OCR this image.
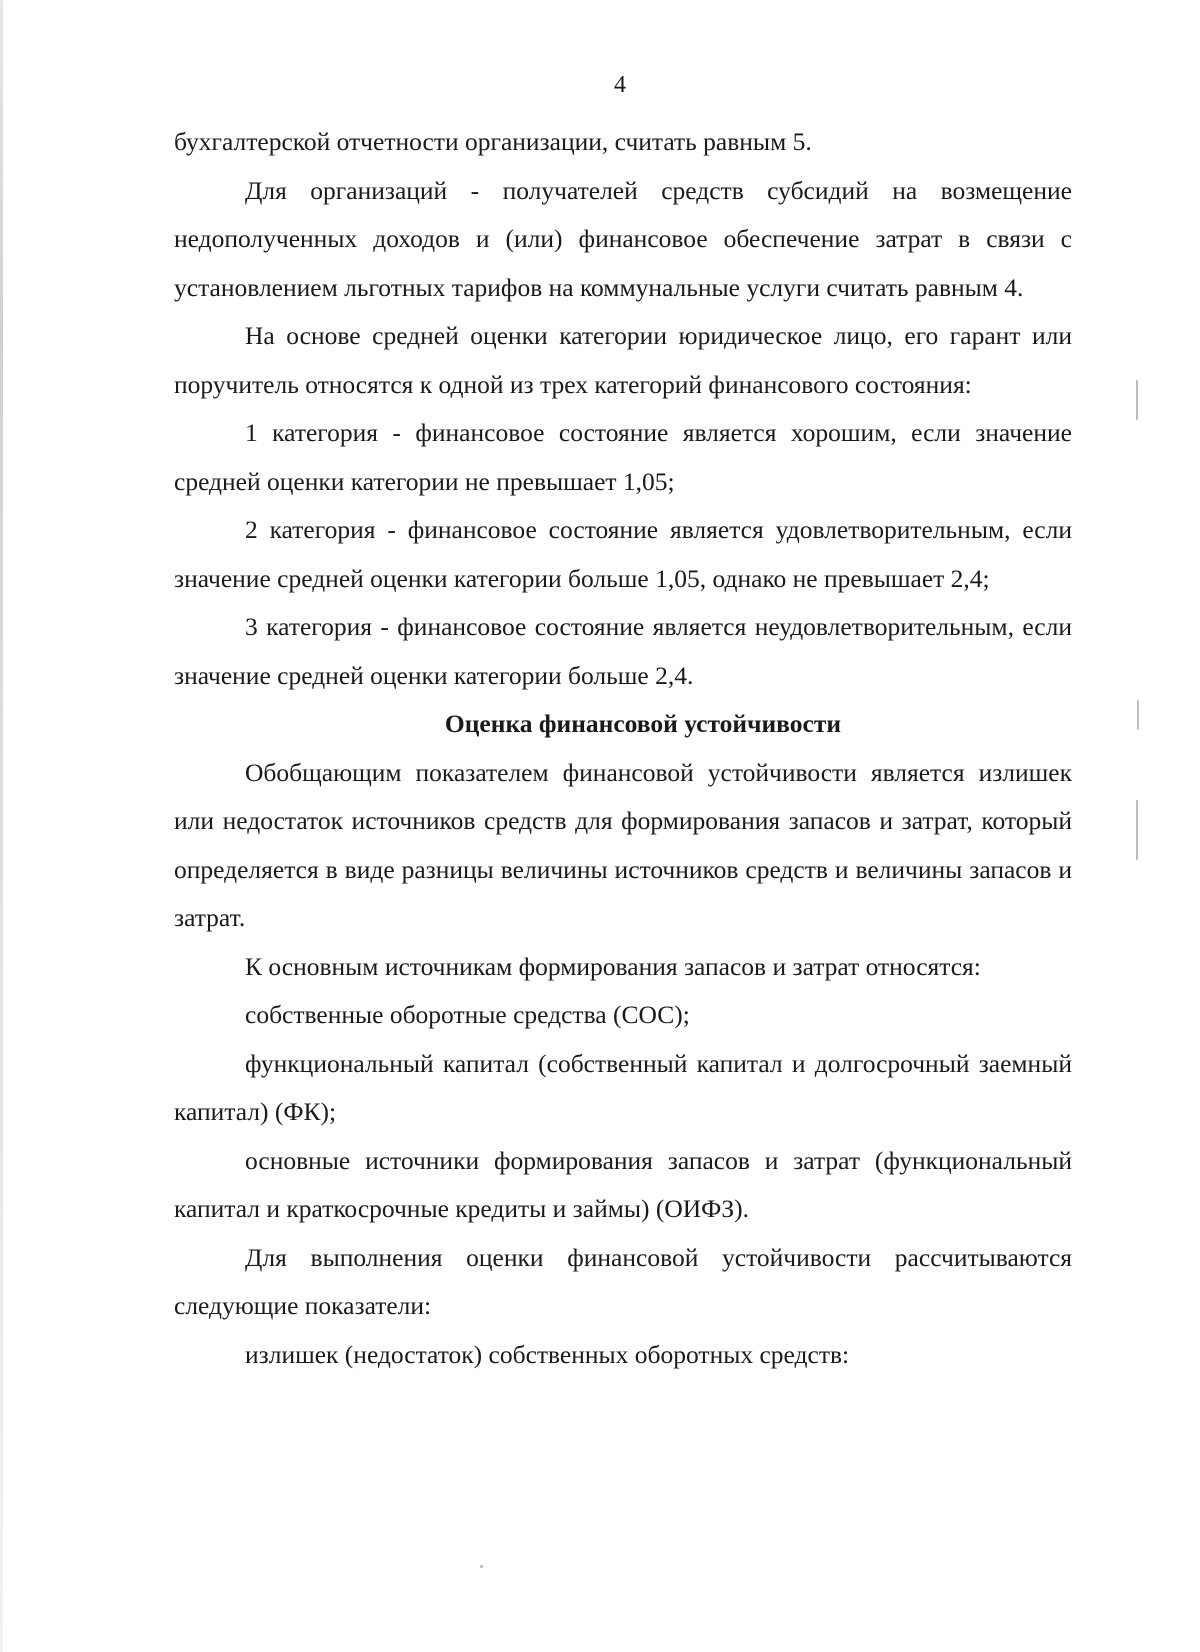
4

бухгалтерской отчетности организации, считать равным 5.

Для организаций - получателей средств субсидий на возмещение недополученных доходов и (или) финансовое обеспечение затрат в связи с установлением льготных тарифов на коммунальные услуги считать равным 4.

На основе средней оценки категории юридическое лицо, его гарант или поручитель относятся к одной из трех категорий финансового состояния:

1 категория - финансовое состояние является хорошим, если значение средней оценки категории не превышает 1,05;

2 категория - финансовое состояние является удовлетворительным, если значение средней оценки категории больше 1,05, однако не превышает 2,4;

3 категория - финансовое состояние является неудовлетворительным, если значение средней оценки категории больше 2,4.

Оценка финансовой устойчивости

Обобщающим показателем финансовой устойчивости является излишек или недостаток источников средств для формирования запасов и затрат, который определяется в виде разницы величины источников средств и величины запасов и затрат.

К основным источникам формирования запасов и затрат относятся:

собственные оборотные средства (СОС);

функциональный капитал (собственный капитал и долгосрочный заемный капитал) (ФК);

основные источники формирования запасов и затрат (функциональный капитал и краткосрочные кредиты и займы) (ОИФЗ).

Для выполнения оценки финансовой устойчивости рассчитываются следующие показатели:

излишек (недостаток) собственных оборотных средств:
